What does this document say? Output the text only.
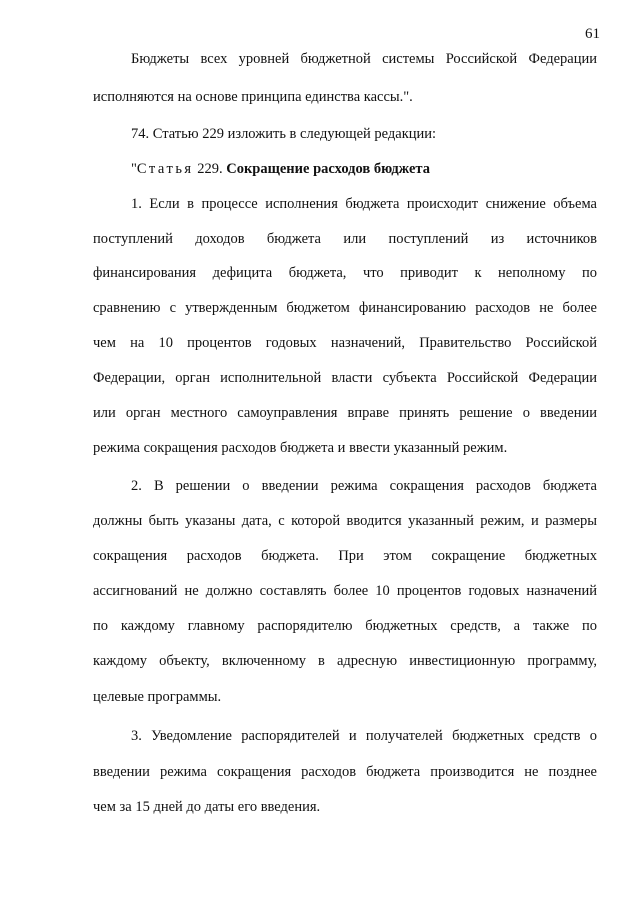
61
Бюджеты всех уровней бюджетной системы Российской Федерации
исполняются на основе принципа единства кассы.".
74. Статью 229 изложить в следующей редакции:
"Статья 229. Сокращение расходов бюджета
1. Если в процессе исполнения бюджета происходит снижение объема
поступлений доходов бюджета или поступлений из источников
финансирования дефицита бюджета, что приводит к неполному по
сравнению с утвержденным бюджетом финансированию расходов не более
чем на 10 процентов годовых назначений, Правительство Российской
Федерации, орган исполнительной власти субъекта Российской Федерации
или орган местного самоуправления вправе принять решение о введении
режима сокращения расходов бюджета и ввести указанный режим.
2. В решении о введении режима сокращения расходов бюджета
должны быть указаны дата, с которой вводится указанный режим, и размеры
сокращения расходов бюджета. При этом сокращение бюджетных
ассигнований не должно составлять более 10 процентов годовых назначений
по каждому главному распорядителю бюджетных средств, а также по
каждому объекту, включенному в адресную инвестиционную программу,
целевые программы.
3. Уведомление распорядителей и получателей бюджетных средств о
введении режима сокращения расходов бюджета производится не позднее
чем за 15 дней до даты его введения.
